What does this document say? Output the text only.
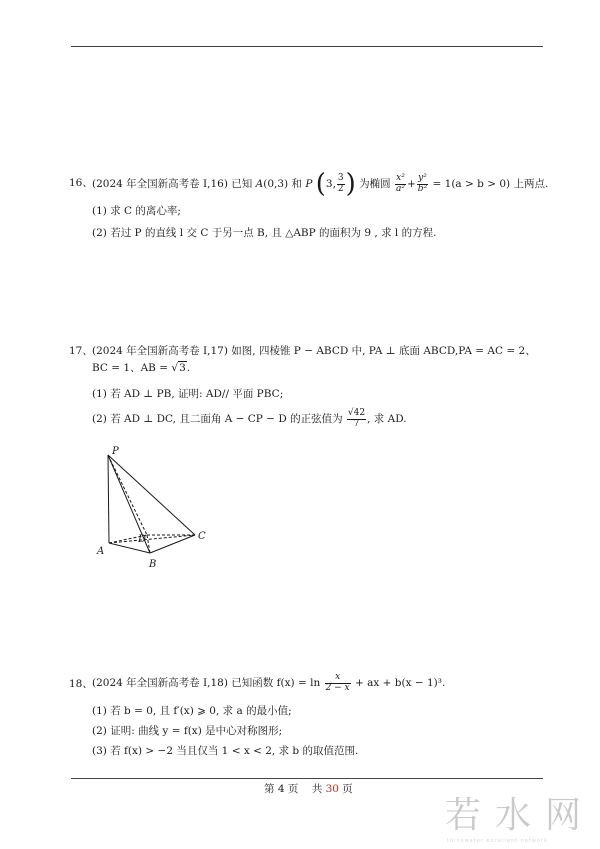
16、 (2024 年全国新高考卷 I,16) 已知
A (0,3)
和
P
( 3, $\frac{3}{2}$ )
为椭圆
$\frac{\text{x²}}{\text{a²}} + \frac{\text{y²}}{\text{b²}}$
= 1(a > b > 0)
上两点.
(1) 求 C 的离心率;
(2) 若过 P 的直线 l 交 C 于另一点 B, 且 △ABP 的面积为 9 , 求 l 的方程.
17、 (2024 年全国新高考卷 I,17) 如图, 四棱锥 P − ABCD 中, PA ⊥ 底面 ABCD,PA = AC = 2、
BC = 1、AB = √3.
(1) 若 AD ⊥ PB, 证明: AD// 平面 PBC;
(2) 若 AD ⊥ DC, 且二面角 A − CP − D 的正弦值为
$\frac{√42}{7}$ , 求 AD.
P
A
B
C
D
18、 (2024 年全国新高考卷 I,18) 已知函数 f(x) = ln
$\frac{x}{2 - x}$
+ ax + b(x − 1)³.
(1) 若 b = 0, 且 f′(x) ⩾ 0, 求 a 的最小值;
(2) 证明: 曲线 y = f(x) 是中心对称图形;
(3) 若 f(x) > −2 当且仅当 1 < x < 2, 求 b 的取值范围.
第 4 页 共 30 页
若水网
thinkwater excellent network
